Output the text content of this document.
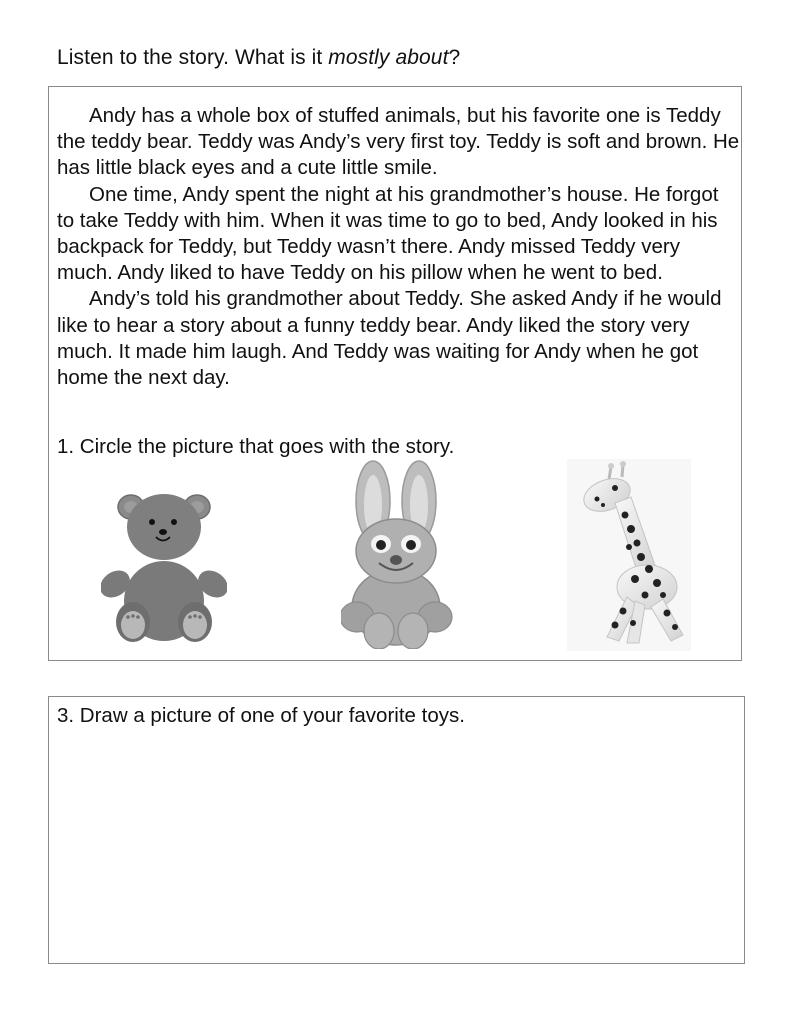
Listen to the story. What is it mostly about?

Andy has a whole box of stuffed animals, but his favorite one is Teddy the teddy bear. Teddy was Andy’s very first toy. Teddy is soft and brown. He has little black eyes and a cute little smile.

One time, Andy spent the night at his grandmother’s house. He forgot to take Teddy with him. When it was time to go to bed, Andy looked in his backpack for Teddy, but Teddy wasn’t there. Andy missed Teddy very much. Andy liked to have Teddy on his pillow when he went to bed.

Andy’s told his grandmother about Teddy. She asked Andy if he would like to hear a story about a funny teddy bear. Andy liked the story very much. It made him laugh. And Teddy was waiting for Andy when he got home the next day.

1. Circle the picture that goes with the story.
3. Draw a picture of one of your favorite toys.
